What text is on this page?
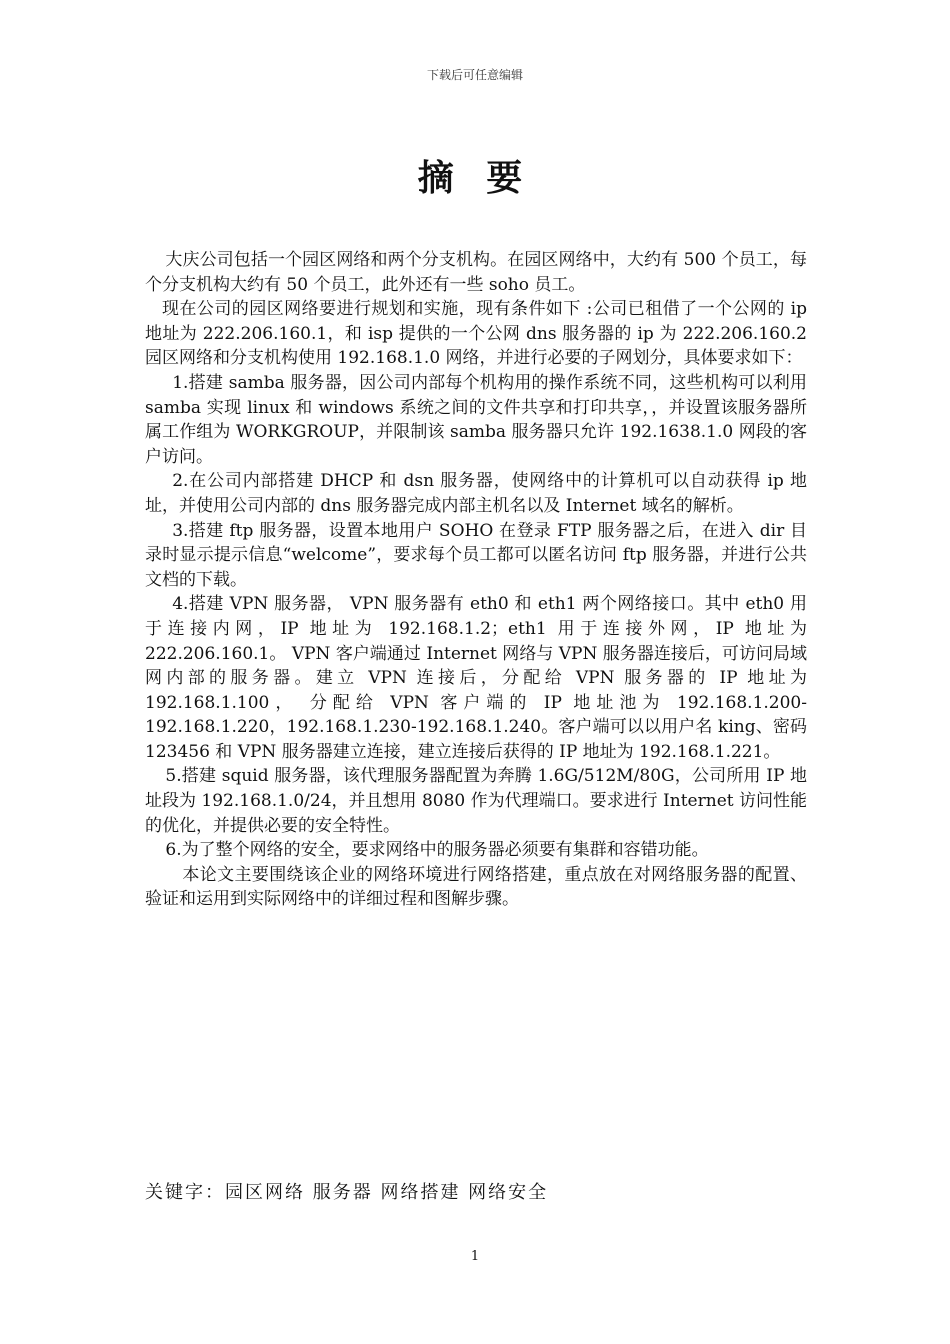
下载后可任意编辑
摘 要

大庆公司包括一个园区网络和两个分支机构。在园区网络中，大约有 500 个员工，每个分支机构大约有 50 个员工，此外还有一些 soho 员工。

现在公司的园区网络要进行规划和实施，现有条件如下 :公司已租借了一个公网的 ip 地址为 222.206.160.1，和 isp 提供的一个公网 dns 服务器的 ip 为 222.206.160.2 园区网络和分支机构使用 192.168.1.0 网络，并进行必要的子网划分，具体要求如下：

1.搭建 samba 服务器，因公司内部每个机构用的操作系统不同，这些机构可以利用 samba 实现 linux 和 windows 系统之间的文件共享和打印共享，，并设置该服务器所属工作组为 WORKGROUP，并限制该 samba 服务器只允许 192.1638.1.0 网段的客户访问。

2.在公司内部搭建 DHCP 和 dsn 服务器，使网络中的计算机可以自动获得 ip 地址，并使用公司内部的 dns 服务器完成内部主机名以及 Internet 域名的解析。

3.搭建 ftp 服务器，设置本地用户 SOHO 在登录 FTP 服务器之后，在进入 dir 目录时显示提示信息“welcome”，要求每个员工都可以匿名访问 ftp 服务器，并进行公共文档的下载。

4.搭建 VPN 服务器， VPN 服务器有 eth0 和 eth1 两个网络接口。其中 eth0 用于连接内网，IP 地址为 192.168.1.2；eth1 用于连接外网，IP 地址为 222.206.160.1。 VPN 客户端通过 Internet 网络与 VPN 服务器连接后，可访问局域网内部的服务器。建立 VPN 连接后，分配给 VPN 服务器的 IP 地址为 192.168.1.100， 分配给 VPN 客户端的 IP 地址池为 192.168.1.200-192.168.1.220，192.168.1.230-192.168.1.240。客户端可以以用户名 king、密码 123456 和 VPN 服务器建立连接，建立连接后获得的 IP 地址为 192.168.1.221。

5.搭建 squid 服务器，该代理服务器配置为奔腾 1.6G/512M/80G，公司所用 IP 地址段为 192.168.1.0/24，并且想用 8080 作为代理端口。要求进行 Internet 访问性能的优化，并提供必要的安全特性。

6.为了整个网络的安全，要求网络中的服务器必须要有集群和容错功能。

本论文主要围绕该企业的网络环境进行网络搭建，重点放在对网络服务器的配置、验证和运用到实际网络中的详细过程和图解步骤。

关键字：园区网络 服务器 网络搭建 网络安全
1
